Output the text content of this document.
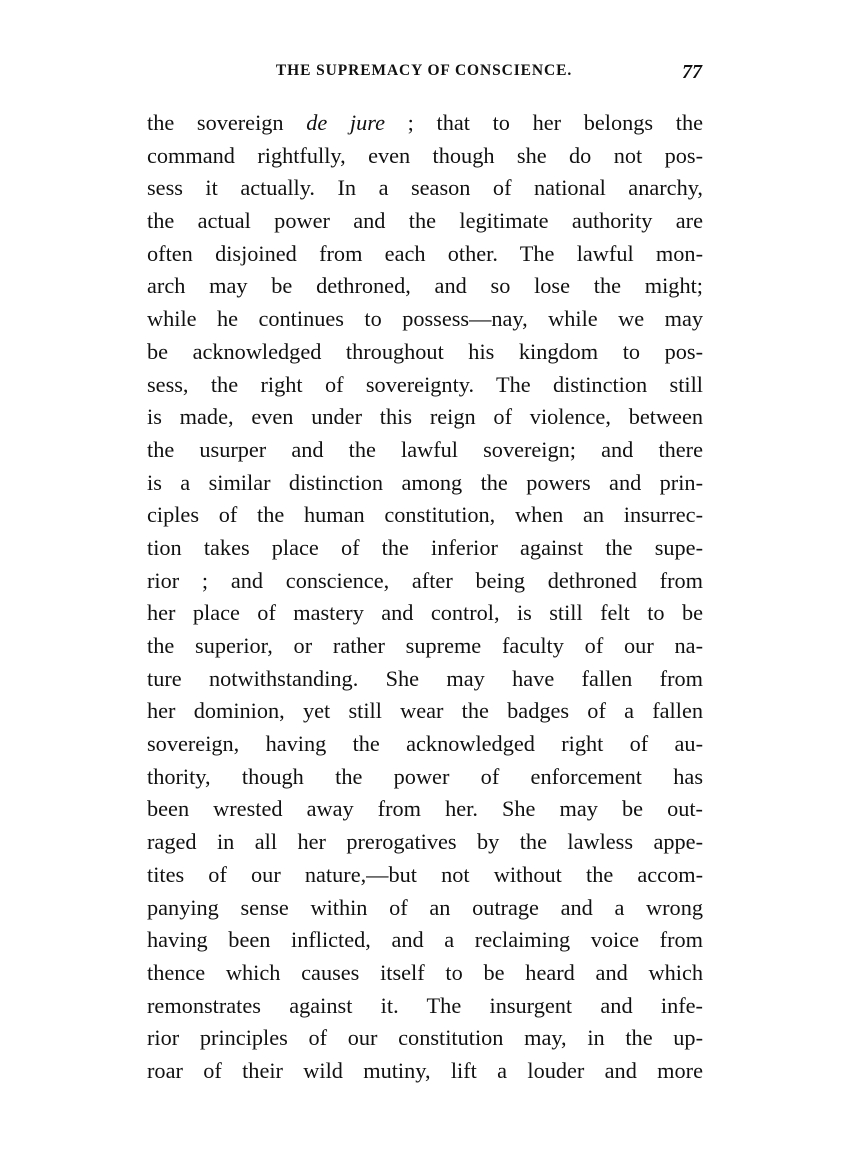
THE SUPREMACY OF CONSCIENCE.	77
the sovereign de jure ; that to her belongs the
command rightfully, even though she do not pos-
sess it actually. In a season of national anarchy,
the actual power and the legitimate authority are
often disjoined from each other. The lawful mon-
arch may be dethroned, and so lose the might;
while he continues to possess—nay, while we may
be acknowledged throughout his kingdom to pos-
sess, the right of sovereignty. The distinction still
is made, even under this reign of violence, between
the usurper and the lawful sovereign; and there
is a similar distinction among the powers and prin-
ciples of the human constitution, when an insurrec-
tion takes place of the inferior against the supe-
rior ; and conscience, after being dethroned from
her place of mastery and control, is still felt to be
the superior, or rather supreme faculty of our na-
ture notwithstanding. She may have fallen from
her dominion, yet still wear the badges of a fallen
sovereign, having the acknowledged right of au-
thority, though the power of enforcement has
been wrested away from her. She may be out-
raged in all her prerogatives by the lawless appe-
tites of our nature,—but not without the accom-
panying sense within of an outrage and a wrong
having been inflicted, and a reclaiming voice from
thence which causes itself to be heard and which
remonstrates against it. The insurgent and infe-
rior principles of our constitution may, in the up-
roar of their wild mutiny, lift a louder and more
